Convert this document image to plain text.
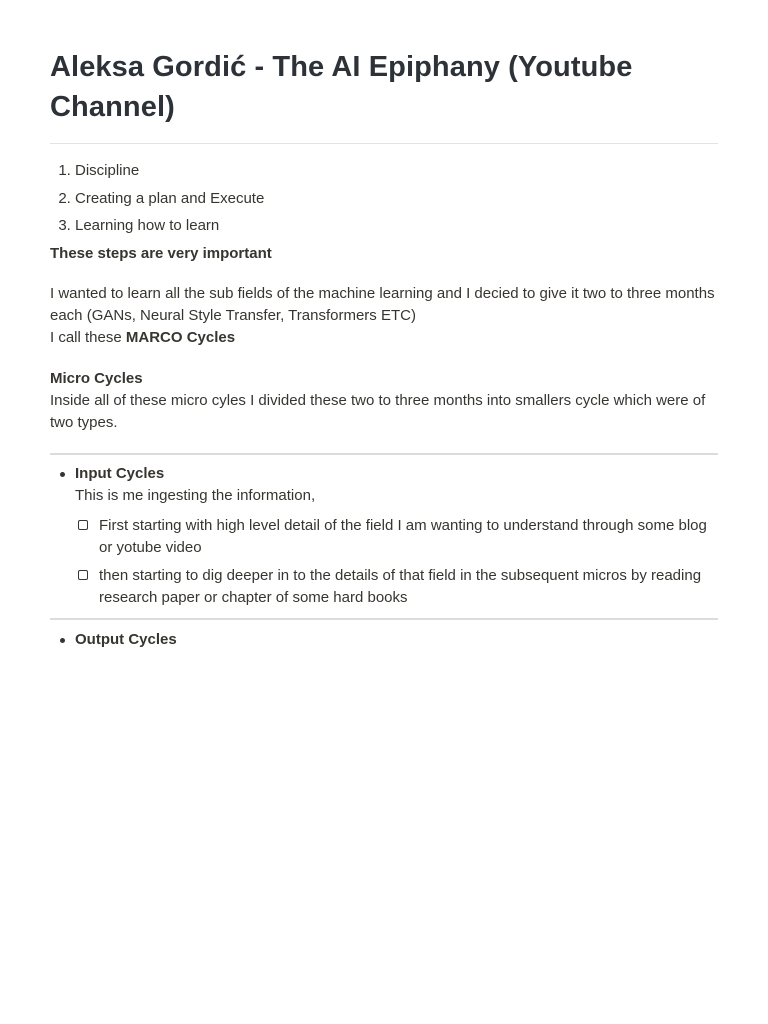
Aleksa Gordić - The AI Epiphany (Youtube Channel)
1. Discipline
2. Creating a plan and Execute
3. Learning how to learn

These steps are very important

I wanted to learn all the sub fields of the machine learning and I decied to give it two to three months each (GANs, Neural Style Transfer, Transformers ETC)
I call these MARCO Cycles

Micro Cycles
Inside all of these micro cyles I divided these two to three months into smallers cycle which were of two types.

Input Cycles
This is me ingesting the information,
First starting with high level detail of the field I am wanting to understand through some blog or yotube video
then starting to dig deeper in to the details of that field in the subsequent micros by reading research paper or chapter of some hard books
Output Cycles
